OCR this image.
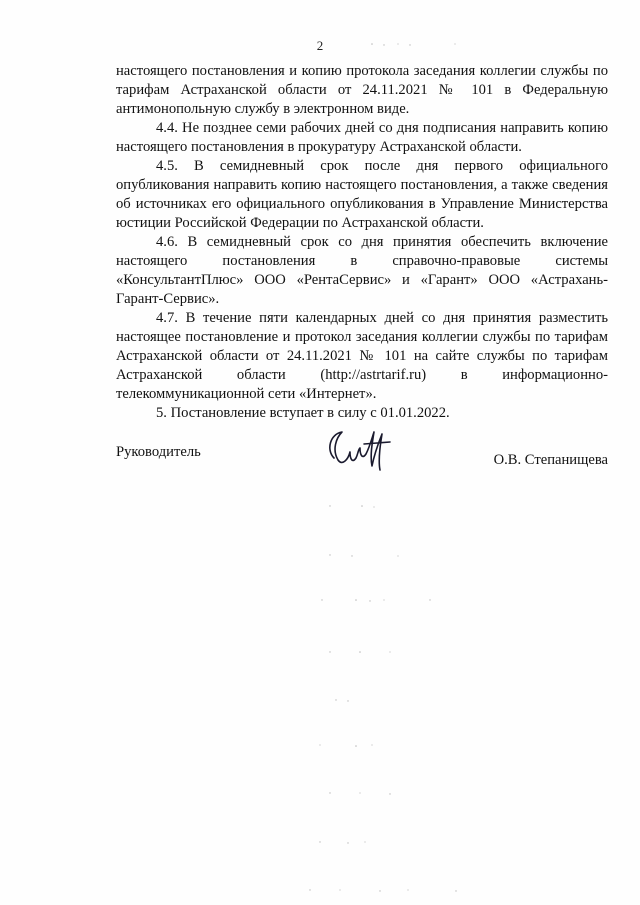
2

настоящего постановления и копию протокола заседания коллегии службы по тарифам Астраханской области от 24.11.2021 № 101 в Федеральную антимонопольную службу в электронном виде.

4.4. Не позднее семи рабочих дней со дня подписания направить копию настоящего постановления в прокуратуру Астраханской области.

4.5. В семидневный срок после дня первого официального опубликования направить копию настоящего постановления, а также сведения об источниках его официального опубликования в Управление Министерства юстиции Российской Федерации по Астраханской области.

4.6. В семидневный срок со дня принятия обеспечить включение настоящего постановления в справочно-правовые системы «КонсультантПлюс» ООО «РентаСервис» и «Гарант» ООО «Астрахань-Гарант-Сервис».

4.7. В течение пяти календарных дней со дня принятия разместить настоящее постановление и протокол заседания коллегии службы по тарифам Астраханской области от 24.11.2021 № 101 на сайте службы по тарифам Астраханской области (http://astrtarif.ru) в информационно-телекоммуникационной сети «Интернет».

5. Постановление вступает в силу с 01.01.2022.

Руководитель	О.В. Степанищева
